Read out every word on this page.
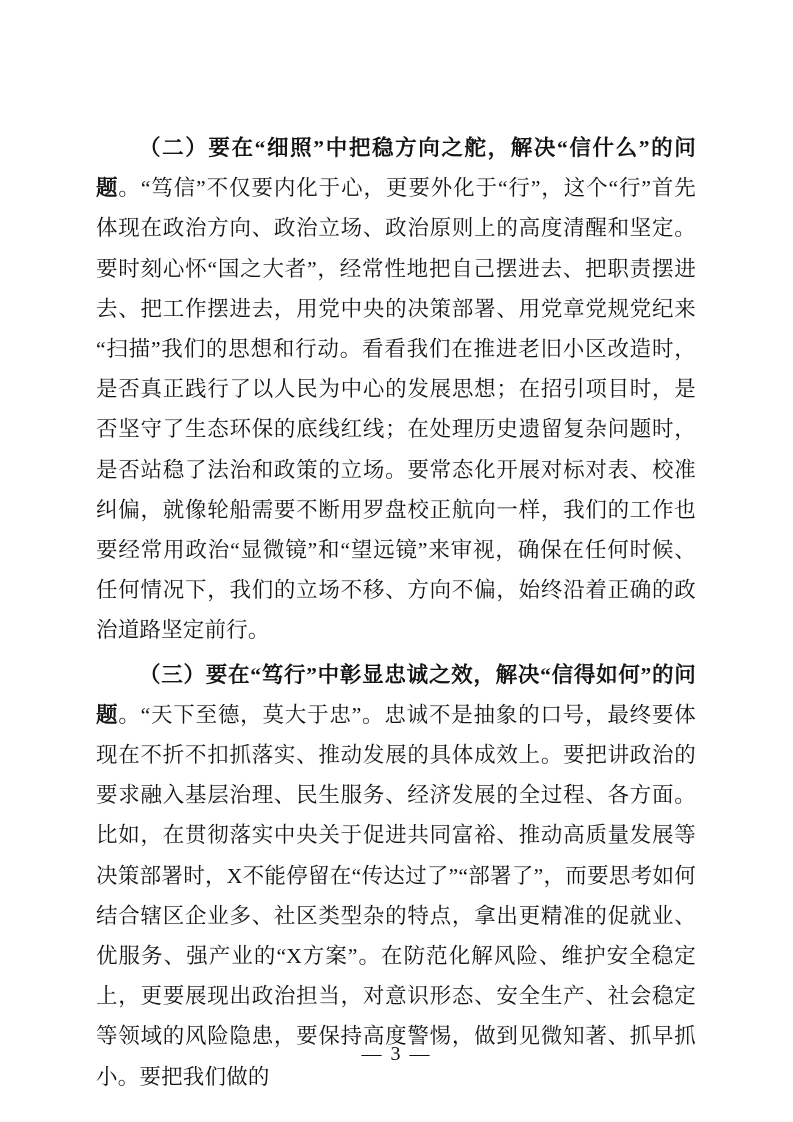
（二）要在“细照”中把稳方向之舵，解决“信什么”的问题。“笃信”不仅要内化于心，更要外化于“行”，这个“行”首先体现在政治方向、政治立场、政治原则上的高度清醒和坚定。要时刻心怀“国之大者”，经常性地把自己摆进去、把职责摆进去、把工作摆进去，用党中央的决策部署、用党章党规党纪来“扫描”我们的思想和行动。看看我们在推进老旧小区改造时，是否真正践行了以人民为中心的发展思想；在招引项目时，是否坚守了生态环保的底线红线；在处理历史遗留复杂问题时，是否站稳了法治和政策的立场。要常态化开展对标对表、校准纠偏，就像轮船需要不断用罗盘校正航向一样，我们的工作也要经常用政治“显微镜”和“望远镜”来审视，确保在任何时候、任何情况下，我们的立场不移、方向不偏，始终沿着正确的政治道路坚定前行。

（三）要在“笃行”中彰显忠诚之效，解决“信得如何”的问题。“天下至德，莫大于忠”。忠诚不是抽象的口号，最终要体现在不折不扣抓落实、推动发展的具体成效上。要把讲政治的要求融入基层治理、民生服务、经济发展的全过程、各方面。比如，在贯彻落实中央关于促进共同富裕、推动高质量发展等决策部署时，X不能停留在“传达过了”“部署了”，而要思考如何结合辖区企业多、社区类型杂的特点，拿出更精准的促就业、优服务、强产业的“X方案”。在防范化解风险、维护安全稳定上，更要展现出政治担当，对意识形态、安全生产、社会稳定等领域的风险隐患，要保持高度警惕，做到见微知著、抓早抓小。要把我们做的

— 3 —
